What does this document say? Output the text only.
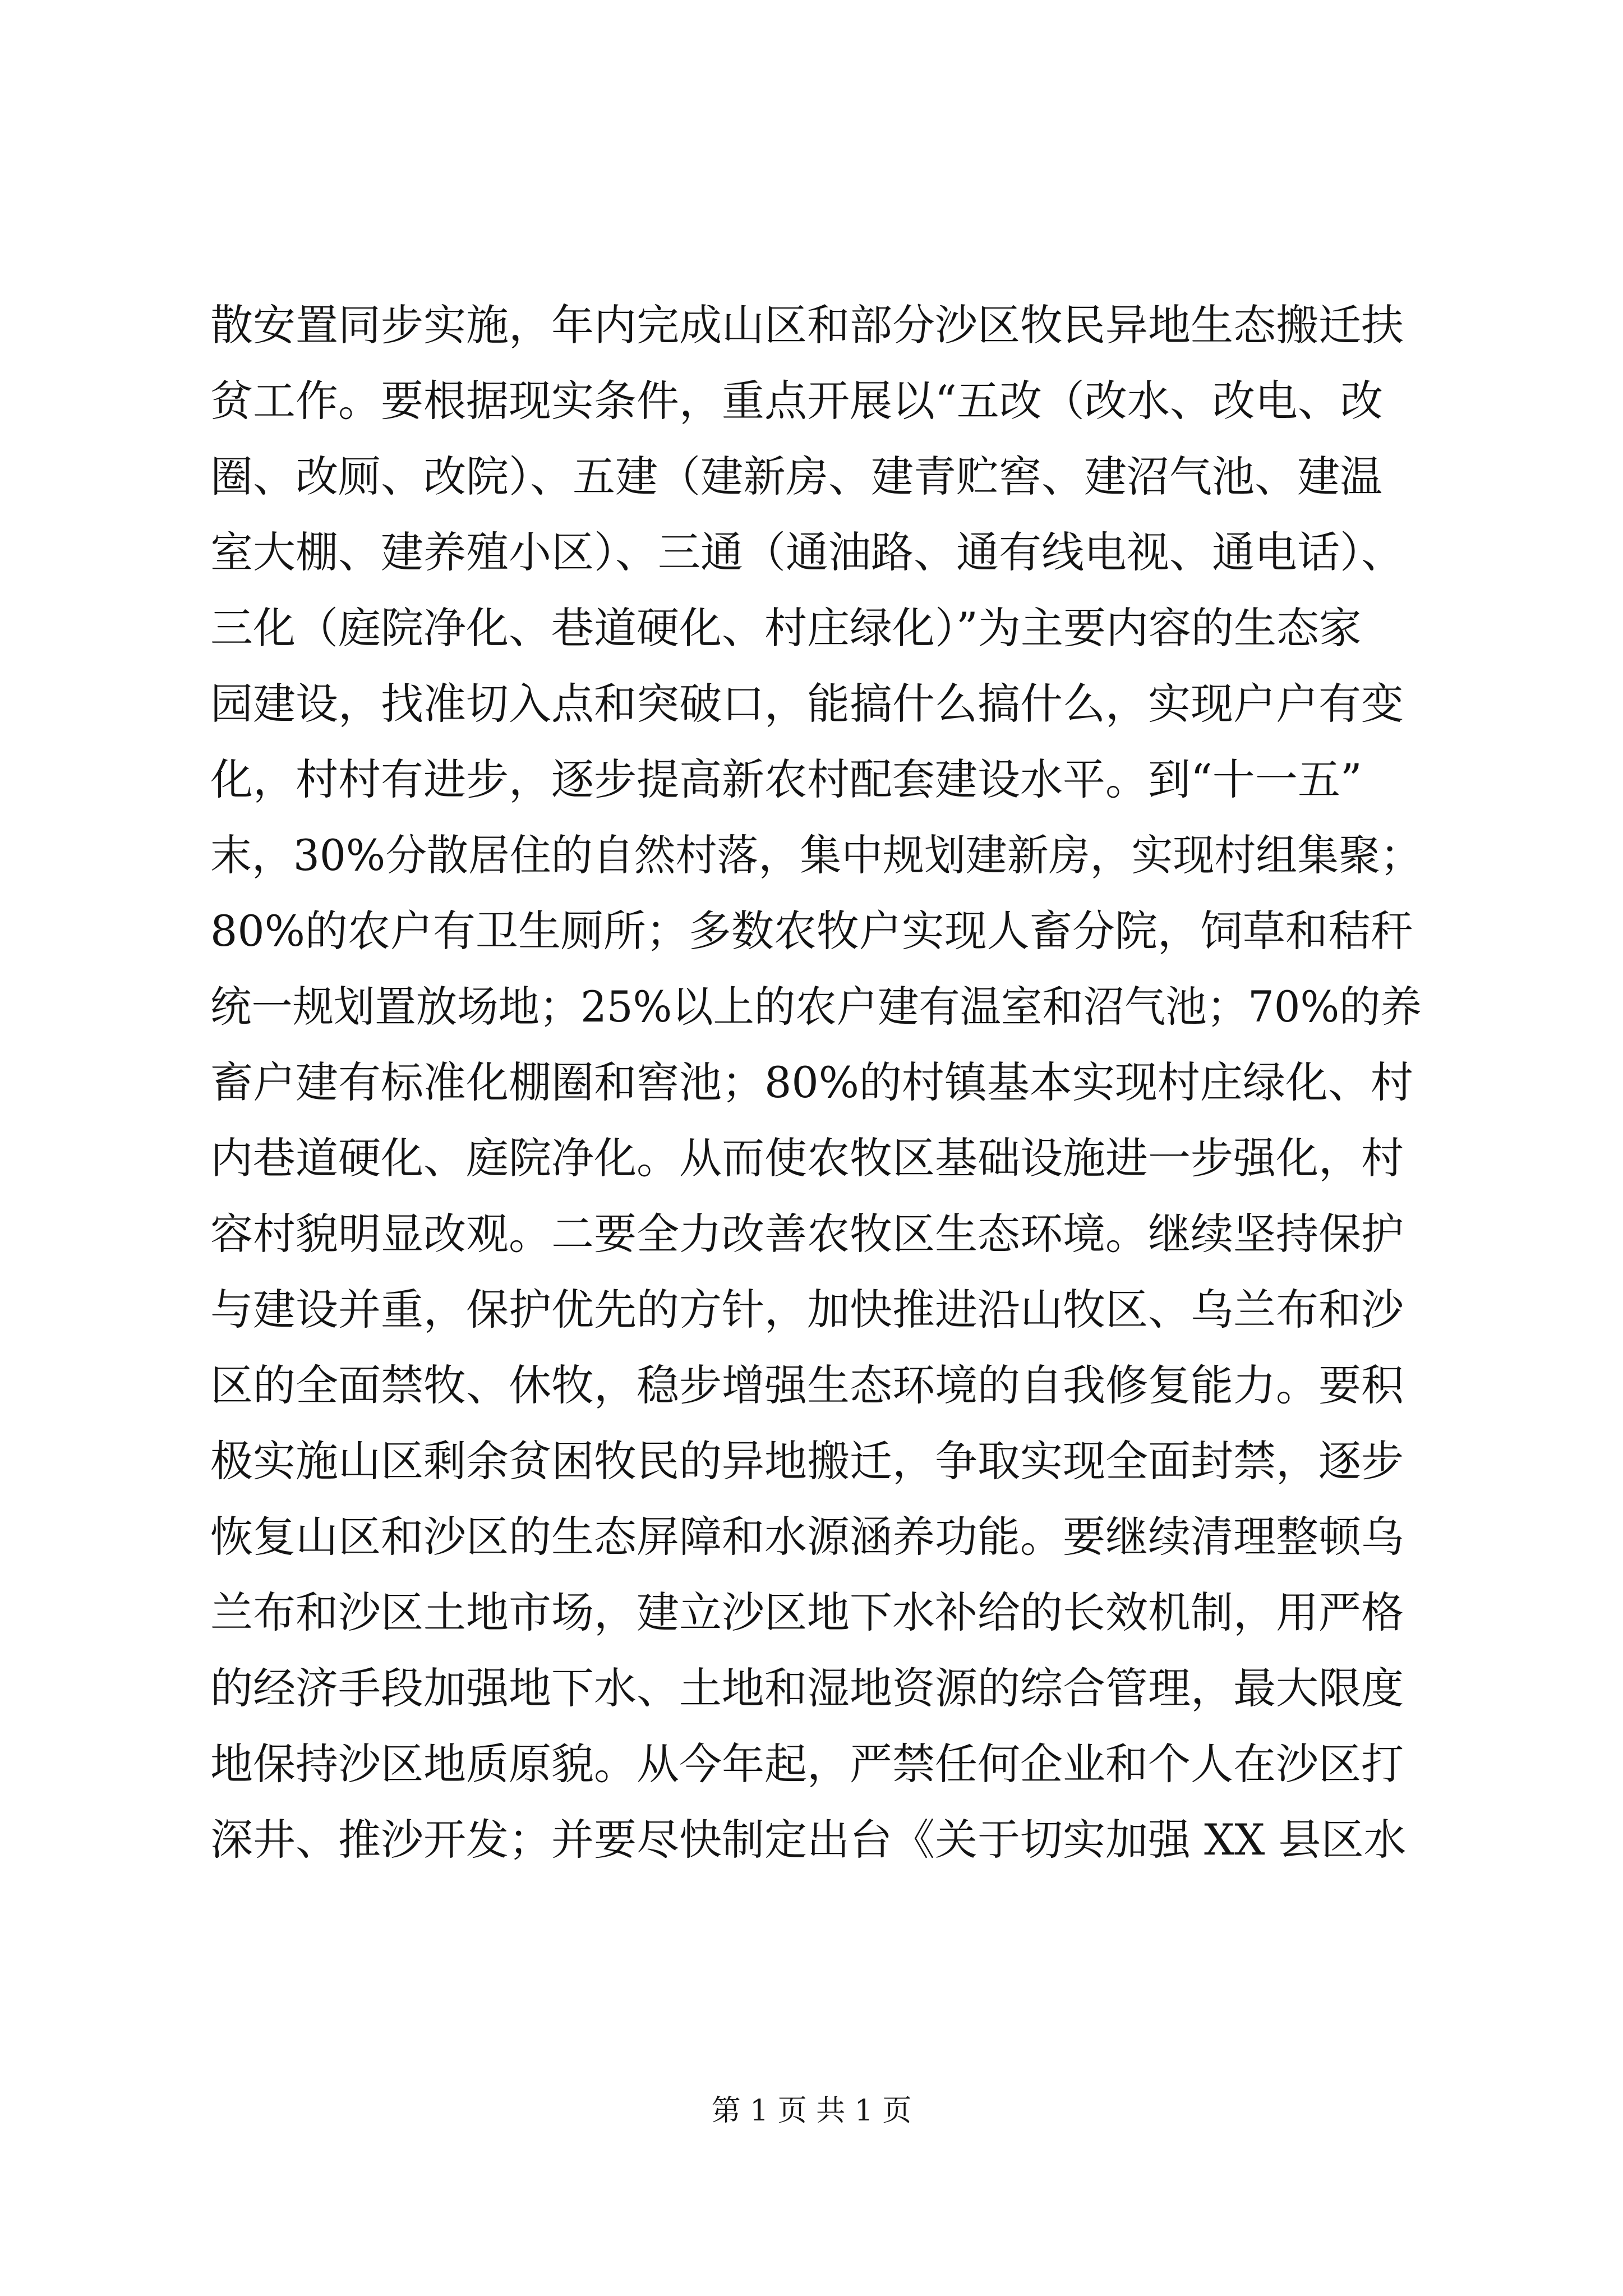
散安置同步实施，年内完成山区和部分沙区牧民异地生态搬迁扶
贫工作。要根据现实条件，重点开展以“五改（改水、改电、改
圈、改厕、改院）、五建（建新房、建青贮窖、建沼气池、建温
室大棚、建养殖小区）、三通（通油路、通有线电视、通电话）、
三化（庭院净化、巷道硬化、村庄绿化）”为主要内容的生态家
园建设，找准切入点和突破口，能搞什么搞什么，实现户户有变
化，村村有进步，逐步提高新农村配套建设水平。到“十一五”
末，30%分散居住的自然村落，集中规划建新房，实现村组集聚；
80%的农户有卫生厕所；多数农牧户实现人畜分院，饲草和秸秆
统一规划置放场地；25%以上的农户建有温室和沼气池；70%的养
畜户建有标准化棚圈和窖池；80%的村镇基本实现村庄绿化、村
内巷道硬化、庭院净化。从而使农牧区基础设施进一步强化，村
容村貌明显改观。二要全力改善农牧区生态环境。继续坚持保护
与建设并重，保护优先的方针，加快推进沿山牧区、乌兰布和沙
区的全面禁牧、休牧，稳步增强生态环境的自我修复能力。要积
极实施山区剩余贫困牧民的异地搬迁，争取实现全面封禁，逐步
恢复山区和沙区的生态屏障和水源涵养功能。要继续清理整顿乌
兰布和沙区土地市场，建立沙区地下水补给的长效机制，用严格
的经济手段加强地下水、土地和湿地资源的综合管理，最大限度
地保持沙区地质原貌。从今年起，严禁任何企业和个人在沙区打
深井、推沙开发；并要尽快制定出台《关于切实加强 XX 县区水
第 1 页 共 1 页
